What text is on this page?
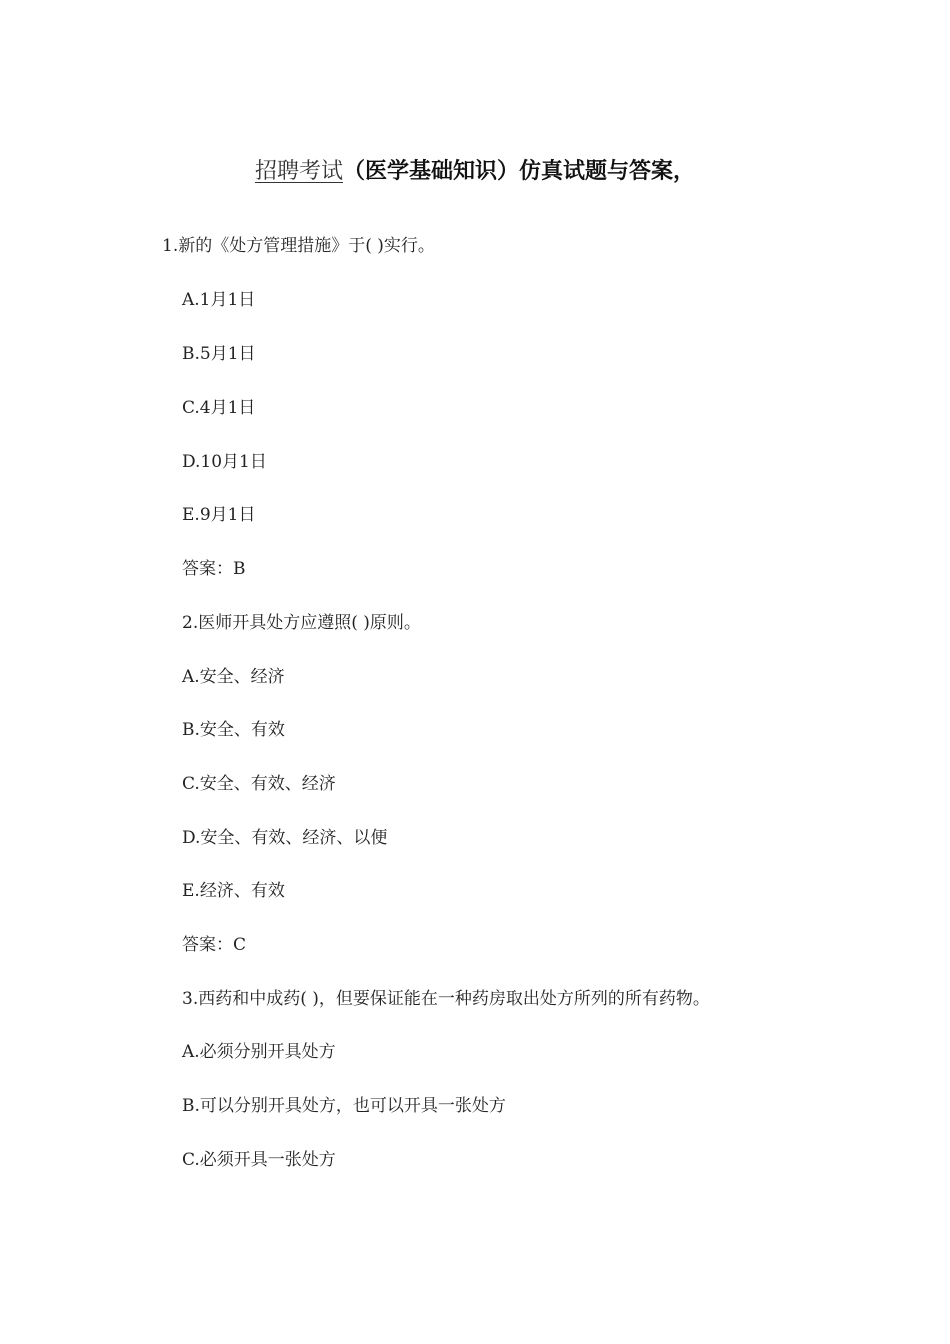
招聘考试（医学基础知识）仿真试题与答案，
1.新的《处方管理措施》于( )实行。
A.1月1日
B.5月1日
C.4月1日
D.10月1日
E.9月1日
答案：B
2.医师开具处方应遵照( )原则。
A.安全、经济
B.安全、有效
C.安全、有效、经济
D.安全、有效、经济、以便
E.经济、有效
答案：C
3.西药和中成药( )，但要保证能在一种药房取出处方所列的所有药物。
A.必须分别开具处方
B.可以分别开具处方，也可以开具一张处方
C.必须开具一张处方
